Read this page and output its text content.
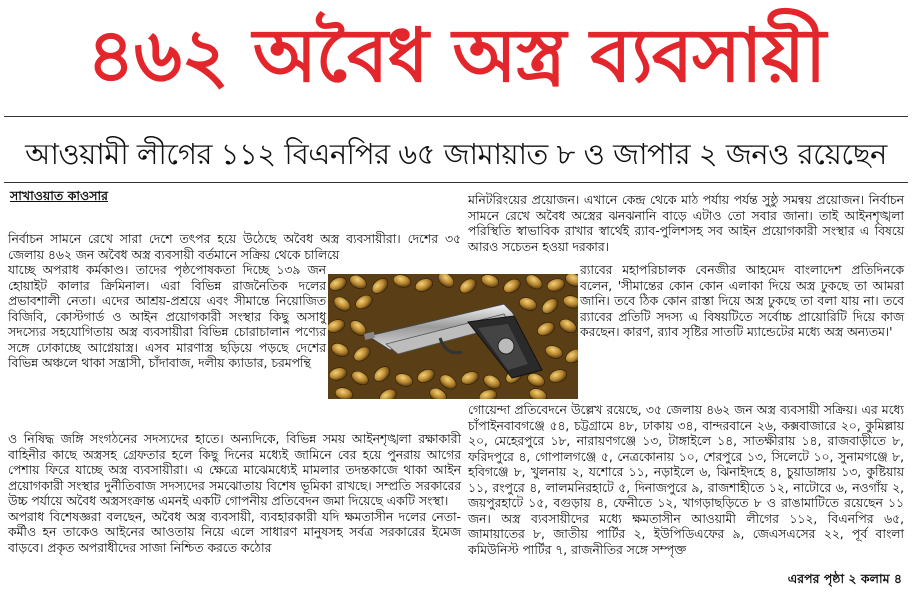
৪৬২ অবৈধ অস্ত্র ব্যবসায়ী
আওয়ামী লীগের ১১২ বিএনপির ৬৫ জামায়াত ৮ ও জাপার ২ জনও রয়েছেন
সাখাওয়াত কাওসার

নির্বাচন সামনে রেখে সারা দেশে তৎপর হয়ে উঠেছে অবৈধ অস্ত্র ব্যবসায়ীরা। দেশের ৩৫ জেলায় ৪৬২ জন অবৈধ অস্ত্র ব্যবসায়ী বর্তমানে সক্রিয় থেকে চালিয়ে

যাচ্ছে অপরাধ কর্মকাণ্ড। তাদের পৃষ্ঠপোষকতা দিচ্ছে ১৩৯ জন হোয়াইট কালার ক্রিমিনাল। এরা বিভিন্ন রাজনৈতিক দলের প্রভাবশালী নেতা। এদের আশ্রয়-প্রশ্রয়ে এবং সীমান্তে নিয়োজিত বিজিবি, কোস্টগার্ড ও আইন প্রয়োগকারী সংস্থার কিছু অসাধু সদস্যের সহযোগিতায় অস্ত্র ব্যবসায়ীরা বিভিন্ন চোরাচালান পণ্যের সঙ্গে ঢোকাচ্ছে আগ্নেয়াস্ত্র। এসব মারণাস্ত্র ছড়িয়ে পড়ছে দেশের বিভিন্ন অঞ্চলে থাকা সন্ত্রাসী, চাঁদাবাজ, দলীয় ক্যাডার, চরমপন্থি

ও নিষিদ্ধ জঙ্গি সংগঠনের সদস্যদের হাতে। অন্যদিকে, বিভিন্ন সময় আইনশৃঙ্খলা রক্ষাকারী বাহিনীর কাছে অস্ত্রসহ গ্রেফতার হলে কিছু দিনের মধ্যেই জামিনে বের হয়ে পুনরায় আগের পেশায় ফিরে যাচ্ছে অস্ত্র ব্যবসায়ীরা। এ ক্ষেত্রে মাঝেমধ্যেই মামলার তদন্তকাজে থাকা আইন প্রয়োগকারী সংস্থার দুর্নীতিবাজ সদস্যদের সমঝোতায় বিশেষ ভূমিকা রাখছে। সম্প্রতি সরকারের উচ্চ পর্যায়ে অবৈধ অস্ত্রসংক্রান্ত এমনই একটি গোপনীয় প্রতিবেদন জমা দিয়েছে একটি সংস্থা।

অপরাধ বিশেষজ্ঞরা বলছেন, অবৈধ অস্ত্র ব্যবসায়ী, ব্যবহারকারী যদি ক্ষমতাসীন দলের নেতা-কর্মীও হন তাকেও আইনের আওতায় নিয়ে এলে সাধারণ মানুষসহ সর্বত্র সরকারের ইমেজ বাড়বে। প্রকৃত অপরাধীদের সাজা নিশ্চিত করতে কঠোর

মনিটরিংয়ের প্রয়োজন। এখানে কেন্দ্র থেকে মাঠ পর্যায় পর্যন্ত সুষ্ঠু সমন্বয় প্রয়োজন। নির্বাচন সামনে রেখে অবৈধ অস্ত্রের ঝনঝনানি বাড়ে এটাও তো সবার জানা। তাই আইনশৃঙ্খলা পরিস্থিতি স্বাভাবিক রাখার স্বার্থেই র‌্যাব-পুলিশসহ সব আইন প্রয়োগকারী সংস্থার এ বিষয়ে আরও সচেতন হওয়া দরকার।

র‌্যাবের মহাপরিচালক বেনজীর আহমেদ বাংলাদেশ প্রতিদিনকে বলেন, 'সীমান্তের কোন কোন এলাকা দিয়ে অস্ত্র ঢুকছে তা আমরা জানি। তবে ঠিক কোন রাস্তা দিয়ে অস্ত্র ঢুকছে তা বলা যায় না। তবে র‌্যাবের প্রতিটি সদস্য এ বিষয়টিতে সর্বোচ্চ প্রায়োরিটি দিয়ে কাজ করছেন। কারণ, র‌্যাব সৃষ্টির সাতটি ম্যান্ডেটের মধ্যে অস্ত্র অন্যতম।'

গোয়েন্দা প্রতিবেদনে উল্লেখ রয়েছে, ৩৫ জেলায় ৪৬২ জন অস্ত্র ব্যবসায়ী সক্রিয়। এর মধ্যে চাঁপাইনবাবগঞ্জে ৫৪, চট্টগ্রামে ৪৮, ঢাকায় ৩৪, বান্দরবানে ২৬, কক্সবাজারে ২০, কুমিল্লায় ২০, মেহেরপুরে ১৮, নারায়ণগঞ্জে ১৩, টাঙ্গাইলে ১৪, সাতক্ষীরায় ১৪, রাজবাড়ীতে ৮, ফরিদপুরে ৪, গোপালগঞ্জে ৫, নেত্রকোনায় ১০, শেরপুরে ১৩, সিলেটে ১০, সুনামগঞ্জে ৮, হবিগঞ্জে ৮, খুলনায় ২, যশোরে ১১, নড়াইলে ৬, ঝিনাইদহে ৪, চুয়াডাঙ্গায় ১৩, কুষ্টিয়ায় ১১, রংপুরে ৪, লালমনিরহাটে ৫, দিনাজপুরে ৯, রাজশাহীতে ১২, নাটোরে ৬, নওগাঁয় ২, জয়পুরহাটে ১৫, বগুড়ায় ৪, ফেনীতে ১২, খাগড়াছড়িতে ৮ ও রাঙামাটিতে রয়েছেন ১১ জন। অস্ত্র ব্যবসায়ীদের মধ্যে ক্ষমতাসীন আওয়ামী লীগের ১১২, বিএনপির ৬৫, জামায়াতের ৮, জাতীয় পার্টির ২, ইউপিডিএফের ৯, জেএসএসের ২২, পূর্ব বাংলা কমিউনিস্ট পার্টির ৭, রাজনীতির সঙ্গে সম্পৃক্ত

এরপর পৃষ্ঠা ২ কলাম ৪
